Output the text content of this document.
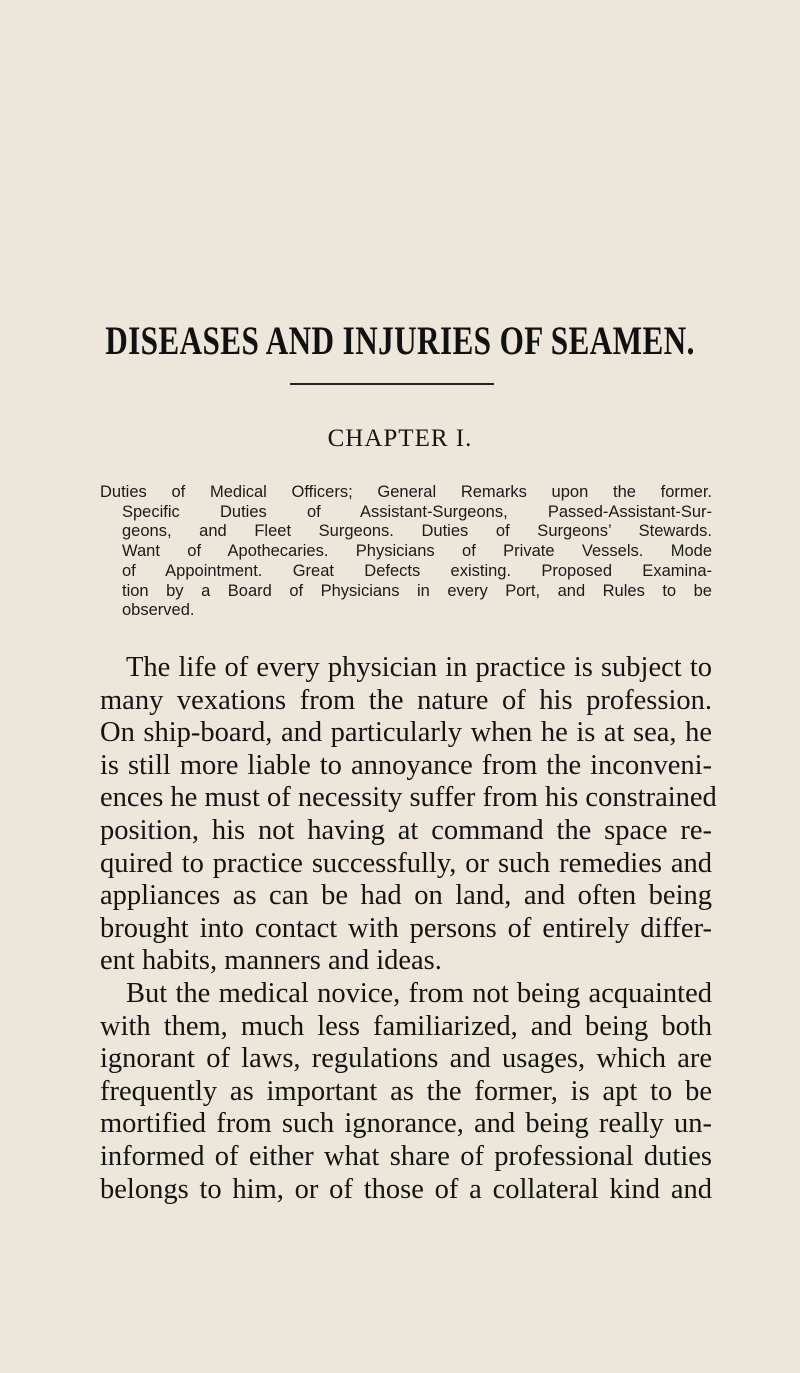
DISEASES AND INJURIES OF SEAMEN.
CHAPTER I.
Duties of Medical Officers; General Remarks upon the former.
Specific Duties of Assistant-Surgeons, Passed-Assistant-Sur-
geons, and Fleet Surgeons. Duties of Surgeons’ Stewards.
Want of Apothecaries. Physicians of Private Vessels. Mode
of Appointment. Great Defects existing. Proposed Examina-
tion by a Board of Physicians in every Port, and Rules to be
observed.
The life of every physician in practice is subject to
many vexations from the nature of his profession.
On ship-board, and particularly when he is at sea, he
is still more liable to annoyance from the inconveni-
ences he must of necessity suffer from his constrained
position, his not having at command the space re-
quired to practice successfully, or such remedies and
appliances as can be had on land, and often being
brought into contact with persons of entirely differ-
ent habits, manners and ideas.
But the medical novice, from not being acquainted
with them, much less familiarized, and being both
ignorant of laws, regulations and usages, which are
frequently as important as the former, is apt to be
mortified from such ignorance, and being really un-
informed of either what share of professional duties
belongs to him, or of those of a collateral kind and
